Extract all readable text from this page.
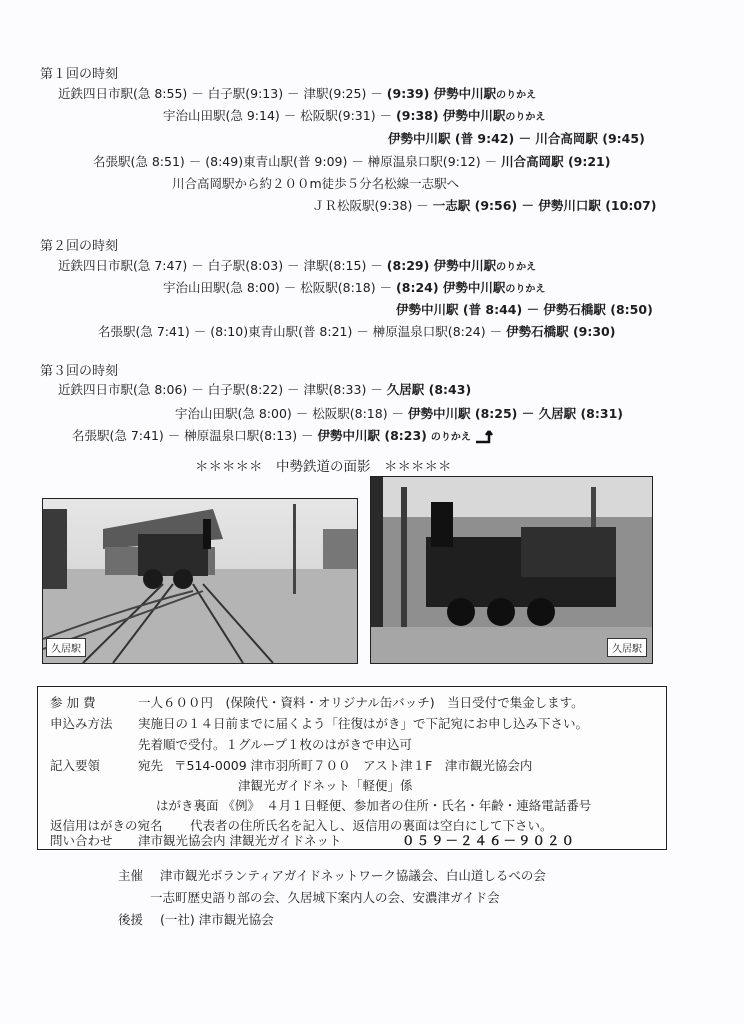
第１回の時刻
近鉄四日市駅(急 8:55) － 白子駅(9:13) － 津駅(9:25) － (9:39) 伊勢中川駅のりかえ
宇治山田駅(急 9:14) － 松阪駅(9:31) － (9:38) 伊勢中川駅のりかえ
伊勢中川駅 (普 9:42) － 川合高岡駅 (9:45)
名張駅(急 8:51) － (8:49)東青山駅(普 9:09) － 榊原温泉口駅(9:12) － 川合高岡駅 (9:21)
川合高岡駅から約２００m徒歩５分名松線一志駅へ
ＪＲ松阪駅(9:38) － 一志駅 (9:56) － 伊勢川口駅 (10:07)
第２回の時刻
近鉄四日市駅(急 7:47) － 白子駅(8:03) － 津駅(8:15) － (8:29) 伊勢中川駅のりかえ
宇治山田駅(急 8:00) － 松阪駅(8:18) － (8:24) 伊勢中川駅のりかえ
伊勢中川駅 (普 8:44) － 伊勢石橋駅 (8:50)
名張駅(急 7:41) － (8:10)東青山駅(普 8:21) － 榊原温泉口駅(8:24) － 伊勢石橋駅 (9:30)
第３回の時刻
近鉄四日市駅(急 8:06) － 白子駅(8:22) － 津駅(8:33) － 久居駅 (8:43)
宇治山田駅(急 8:00) － 松阪駅(8:18) － 伊勢中川駅 (8:25) － 久居駅 (8:31)
名張駅(急 7:41) － 榊原温泉口駅(8:13) － 伊勢中川駅 (8:23) のりかえ
＊＊＊＊＊　中勢鉄道の面影　＊＊＊＊＊
久居駅	久居駅
参 加 費	一人６００円　(保険代・資料・オリジナル缶バッチ)　当日受付で集金します。
申込み方法 実施日の１４日前までに届くよう「往復はがき」で下記宛にお申し込み下さい。
先着順で受付。１グループ１枚のはがきで申込可
記入要領	宛先 〒514-0009 津市羽所町７００　アスト津１F　津市観光協会内
津観光ガイドネット「軽便」係
はがき裏面 《例》　４月１日軽便、参加者の住所・氏名・年齢・連絡電話番号
返信用はがきの宛名 代表者の住所氏名を記入し、返信用の裏面は空白にして下さい。
問い合わせ 津市観光協会内 津観光ガイドネット	０５９－２４６－９０２０
主催 津市観光ボランティアガイドネットワーク協議会、白山道しるべの会
一志町歴史語り部の会、久居城下案内人の会、安濃津ガイド会
後援 (一社) 津市観光協会
